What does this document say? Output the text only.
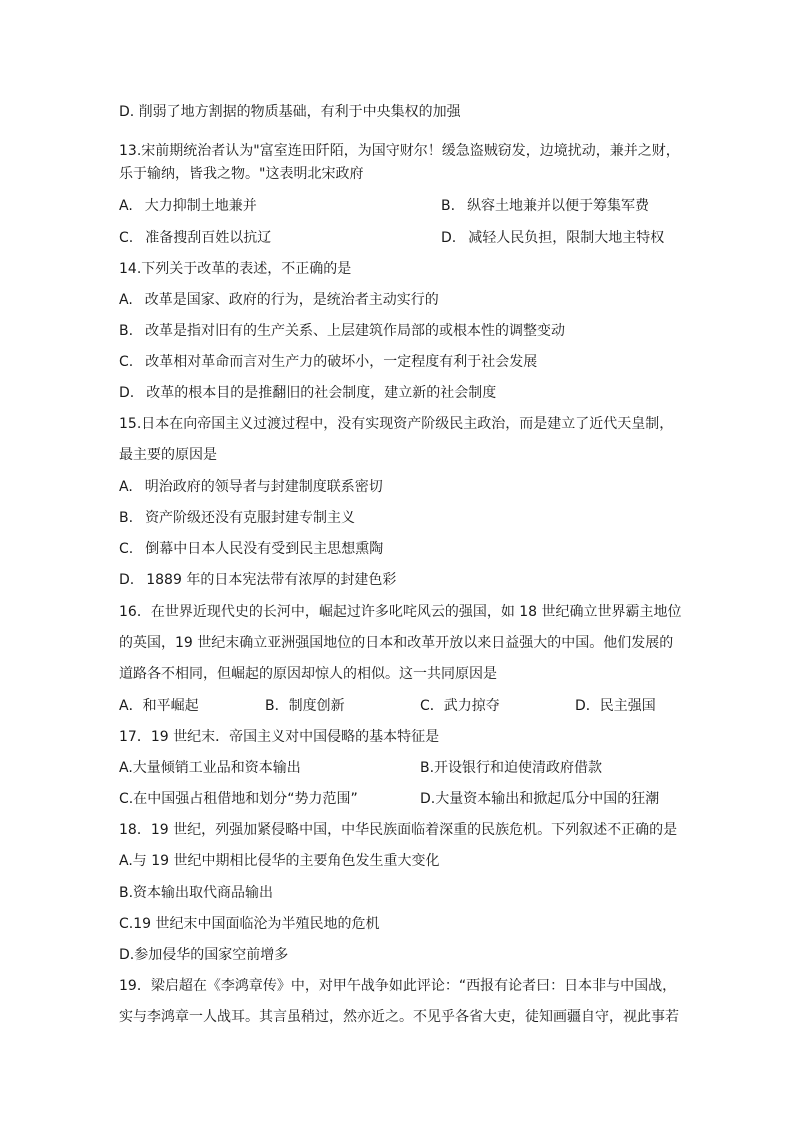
D. 削弱了地方割据的物质基础，有利于中央集权的加强
13.宋前期统治者认为"富室连田阡陌，为国守财尔！缓急盗贼窃发，边境扰动，兼并之财，
乐于输纳，皆我之物。"这表明北宋政府
A. 大力抑制土地兼并	B. 纵容土地兼并以便于筹集军费
C. 准备搜刮百姓以抗辽	D. 减轻人民负担，限制大地主特权
14.下列关于改革的表述，不正确的是
A. 改革是国家、政府的行为，是统治者主动实行的
B. 改革是指对旧有的生产关系、上层建筑作局部的或根本性的调整变动
C. 改革相对革命而言对生产力的破坏小，一定程度有利于社会发展
D. 改革的根本目的是推翻旧的社会制度，建立新的社会制度
15.日本在向帝国主义过渡过程中，没有实现资产阶级民主政治，而是建立了近代天皇制，
最主要的原因是
A. 明治政府的领导者与封建制度联系密切
B. 资产阶级还没有克服封建专制主义
C. 倒幕中日本人民没有受到民主思想熏陶
D. 1889 年的日本宪法带有浓厚的封建色彩
16．在世界近现代史的长河中，崛起过许多叱咤风云的强国，如 18 世纪确立世界霸主地位
的英国，19 世纪末确立亚洲强国地位的日本和改革开放以来日益强大的中国。他们发展的
道路各不相同，但崛起的原因却惊人的相似。这一共同原因是
A．和平崛起	B．制度创新	C．武力掠夺	D．民主强国
17．19 世纪末．帝国主义对中国侵略的基本特征是
A.大量倾销工业品和资本输出	B.开设银行和迫使清政府借款
C.在中国强占租借地和划分“势力范围”	D.大量资本输出和掀起瓜分中国的狂潮
18．19 世纪，列强加紧侵略中国，中华民族面临着深重的民族危机。下列叙述不正确的是
A.与 19 世纪中期相比侵华的主要角色发生重大变化
B.资本输出取代商品输出
C.19 世纪末中国面临沦为半殖民地的危机
D.参加侵华的国家空前增多
19．梁启超在《李鸿章传》中，对甲午战争如此评论：“西报有论者曰：日本非与中国战，
实与李鸿章一人战耳。其言虽稍过，然亦近之。不见乎各省大吏，徒知画疆自守，视此事若
